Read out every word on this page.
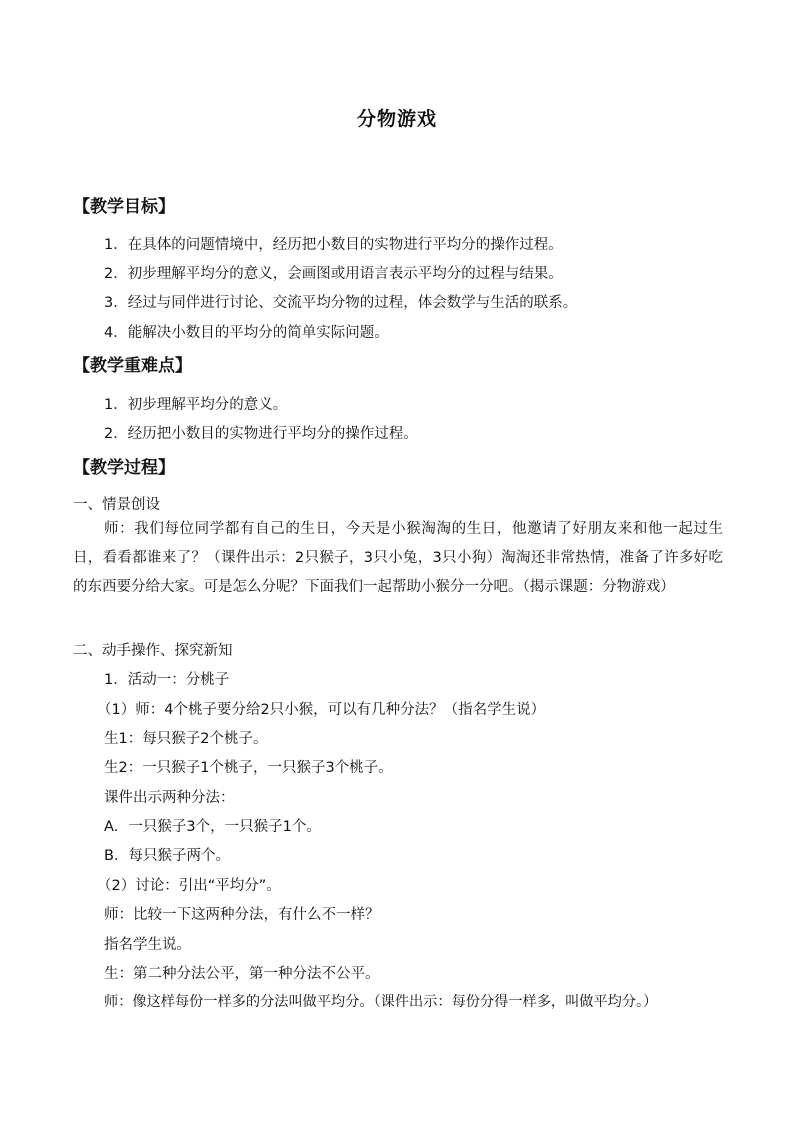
分物游戏
【教学目标】
1．在具体的问题情境中，经历把小数目的实物进行平均分的操作过程。
2．初步理解平均分的意义，会画图或用语言表示平均分的过程与结果。
3．经过与同伴进行讨论、交流平均分物的过程，体会数学与生活的联系。
4．能解决小数目的平均分的简单实际问题。
【教学重难点】
1．初步理解平均分的意义。
2．经历把小数目的实物进行平均分的操作过程。
【教学过程】
一、情景创设
师：我们每位同学都有自己的生日，今天是小猴淘淘的生日，他邀请了好朋友来和他一起过生日，看看都谁来了？（课件出示：2只猴子，3只小兔，3只小狗）淘淘还非常热情，准备了许多好吃的东西要分给大家。可是怎么分呢？下面我们一起帮助小猴分一分吧。（揭示课题：分物游戏）
二、动手操作、探究新知
1．活动一：分桃子
（1）师：4个桃子要分给2只小猴，可以有几种分法？（指名学生说）
生1：每只猴子2个桃子。
生2：一只猴子1个桃子，一只猴子3个桃子。
课件出示两种分法：
A．一只猴子3个，一只猴子1个。
B．每只猴子两个。
（2）讨论：引出“平均分”。
师：比较一下这两种分法，有什么不一样？
指名学生说。
生：第二种分法公平，第一种分法不公平。
师：像这样每份一样多的分法叫做平均分。（课件出示：每份分得一样多，叫做平均分。）
